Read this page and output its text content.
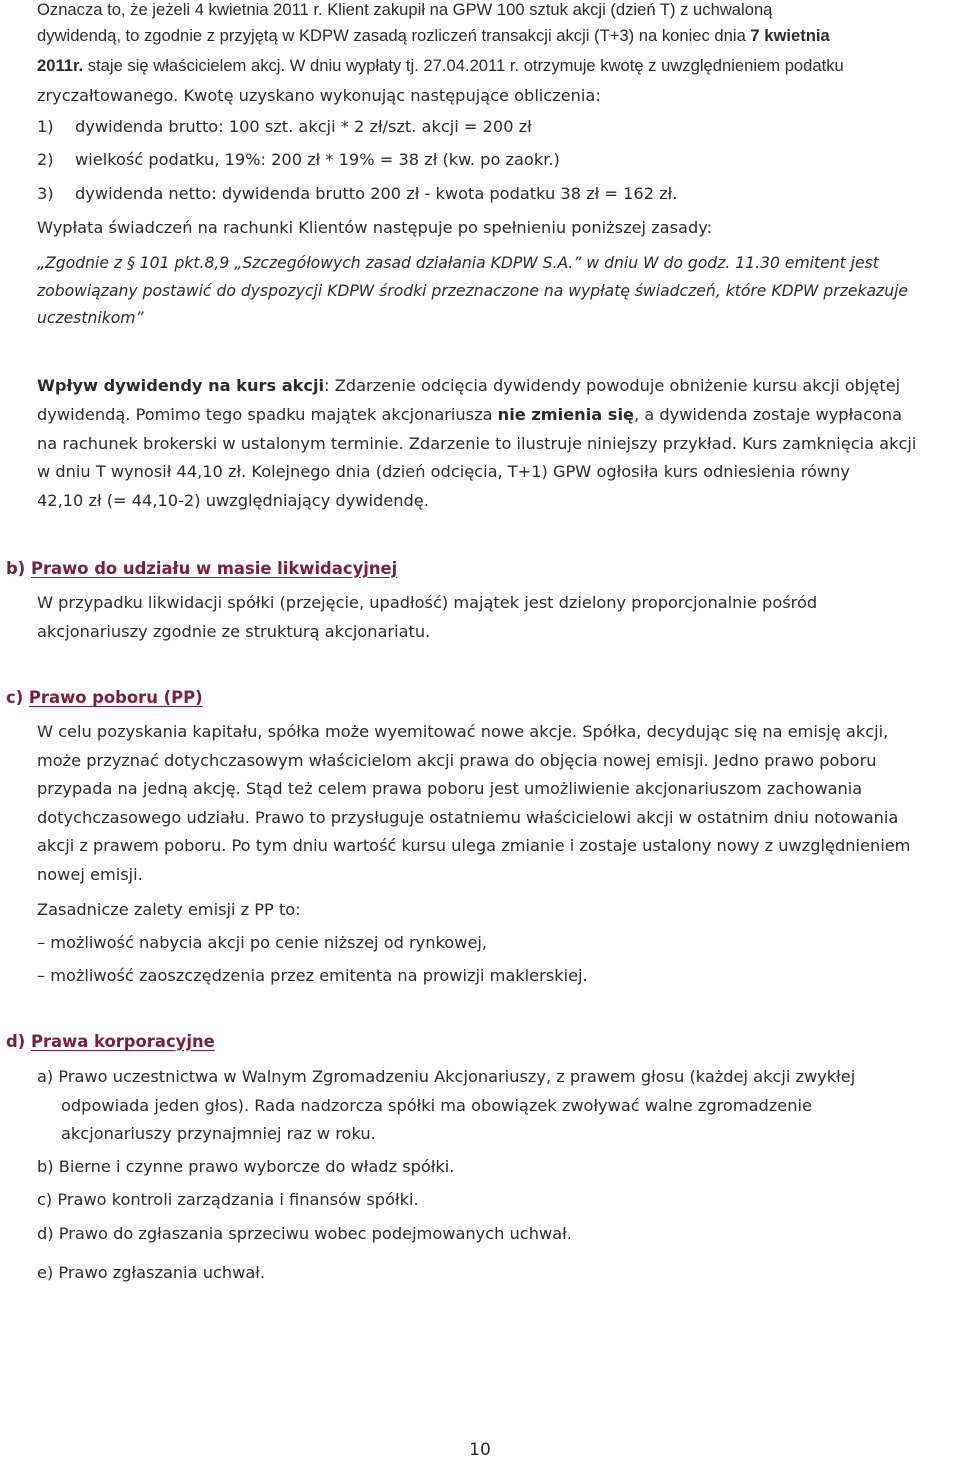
Oznacza to, że jeżeli 4 kwietnia 2011 r. Klient zakupił na GPW 100 sztuk akcji (dzień T) z uchwaloną
dywidendą, to zgodnie z przyjętą w KDPW zasadą rozliczeń transakcji akcji (T+3) na koniec dnia 7 kwietnia
2011r. staje się właścicielem akcj. W dniu wypłaty tj. 27.04.2011 r. otrzymuje kwotę z uwzględnieniem podatku
zryczałtowanego. Kwotę uzyskano wykonując następujące obliczenia:
1) dywidenda brutto: 100 szt. akcji * 2 zł/szt. akcji = 200 zł
2) wielkość podatku, 19%: 200 zł * 19% = 38 zł (kw. po zaokr.)
3) dywidenda netto: dywidenda brutto 200 zł - kwota podatku 38 zł = 162 zł.
Wypłata świadczeń na rachunki Klientów następuje po spełnieniu poniższej zasady:
„Zgodnie z § 101 pkt.8,9 „Szczegółowych zasad działania KDPW S.A.” w dniu W do godz. 11.30 emitent jest
zobowiązany postawić do dyspozycji KDPW środki przeznaczone na wypłatę świadczeń, które KDPW przekazuje
uczestnikom”
Wpływ dywidendy na kurs akcji: Zdarzenie odcięcia dywidendy powoduje obniżenie kursu akcji objętej
dywidendą. Pomimo tego spadku majątek akcjonariusza nie zmienia się, a dywidenda zostaje wypłacona
na rachunek brokerski w ustalonym terminie. Zdarzenie to ilustruje niniejszy przykład. Kurs zamknięcia akcji
w dniu T wynosił 44,10 zł. Kolejnego dnia (dzień odcięcia, T+1) GPW ogłosiła kurs odniesienia równy
42,10 zł (= 44,10-2) uwzględniający dywidendę.
b) Prawo do udziału w masie likwidacyjnej
W przypadku likwidacji spółki (przejęcie, upadłość) majątek jest dzielony proporcjonalnie pośród
akcjonariuszy zgodnie ze strukturą akcjonariatu.
c) Prawo poboru (PP)
W celu pozyskania kapitału, spółka może wyemitować nowe akcje. Spółka, decydując się na emisję akcji,
może przyznać dotychczasowym właścicielom akcji prawa do objęcia nowej emisji. Jedno prawo poboru
przypada na jedną akcję. Stąd też celem prawa poboru jest umożliwienie akcjonariuszom zachowania
dotychczasowego udziału. Prawo to przysługuje ostatniemu właścicielowi akcji w ostatnim dniu notowania
akcji z prawem poboru. Po tym dniu wartość kursu ulega zmianie i zostaje ustalony nowy z uwzględnieniem
nowej emisji.
Zasadnicze zalety emisji z PP to:
– możliwość nabycia akcji po cenie niższej od rynkowej,
– możliwość zaoszczędzenia przez emitenta na prowizji maklerskiej.
d) Prawa korporacyjne
a) Prawo uczestnictwa w Walnym Zgromadzeniu Akcjonariuszy, z prawem głosu (każdej akcji zwykłej
odpowiada jeden głos). Rada nadzorcza spółki ma obowiązek zwoływać walne zgromadzenie
akcjonariuszy przynajmniej raz w roku.
b) Bierne i czynne prawo wyborcze do władz spółki.
c) Prawo kontroli zarządzania i finansów spółki.
d) Prawo do zgłaszania sprzeciwu wobec podejmowanych uchwał.
e) Prawo zgłaszania uchwał.
10
